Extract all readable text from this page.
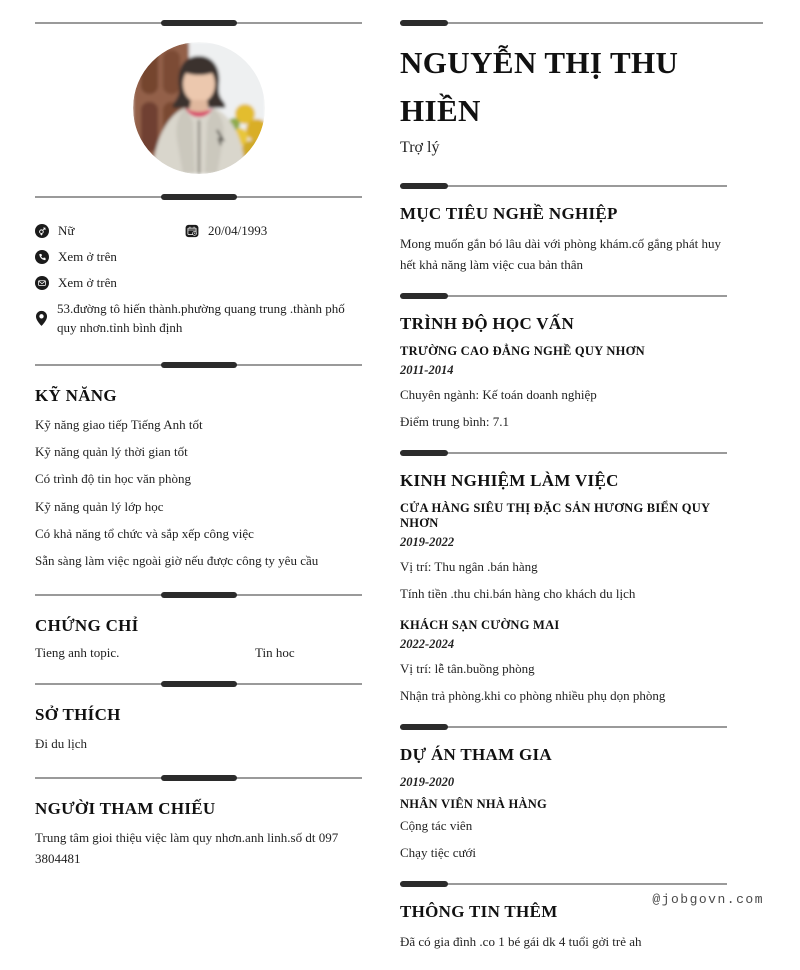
Nữ	20/04/1993
Xem ở trên
Xem ở trên
53.đường tô hiến thành.phường quang trung .thành phố quy nhơn.tỉnh bình định
KỸ NĂNG

Kỹ năng giao tiếp Tiếng Anh tốt

Kỹ năng quản lý thời gian tốt

Có trình độ tin học văn phòng

Kỹ năng quản lý lớp học

Có khả năng tổ chức và sắp xếp công việc

Sẵn sàng làm việc ngoài giờ nếu được công ty yêu cầu

CHỨNG CHỈ
Tieng anh topic.	Tin hoc
SỞ THÍCH

Đi du lịch

NGƯỜI THAM CHIẾU

Trung tâm gioi thiệu việc làm quy nhơn.anh linh.số dt 097 3804481

NGUYỄN THỊ THU HIỀN
Trợ lý
MỤC TIÊU NGHỀ NGHIỆP

Mong muốn gắn bó lâu dài với phòng khám.cố gắng phát huy hết khả năng làm việc cua bản thân

TRÌNH ĐỘ HỌC VẤN
TRƯỜNG CAO ĐẲNG NGHỀ QUY NHƠN
2011-2014

Chuyên ngành: Kế toán doanh nghiệp

Điểm trung bình: 7.1

KINH NGHIỆM LÀM VIỆC
CỬA HÀNG SIÊU THỊ ĐẶC SẢN HƯƠNG BIỂN QUY NHƠN
2019-2022

Vị trí: Thu ngân .bán hàng

Tính tiền .thu chi.bán hàng cho khách du lịch

KHÁCH SẠN CƯỜNG MAI
2022-2024

Vị trí: lễ tân.buồng phòng

Nhận trả phòng.khi co phòng nhiều phụ dọn phòng

DỰ ÁN THAM GIA
2019-2020
NHÂN VIÊN NHÀ HÀNG

Cộng tác viên

Chạy tiệc cưới

THÔNG TIN THÊM

Đã có gia đình .co 1 bé gái dk 4 tuổi gởi trẻ ah

@jobgovn.com
